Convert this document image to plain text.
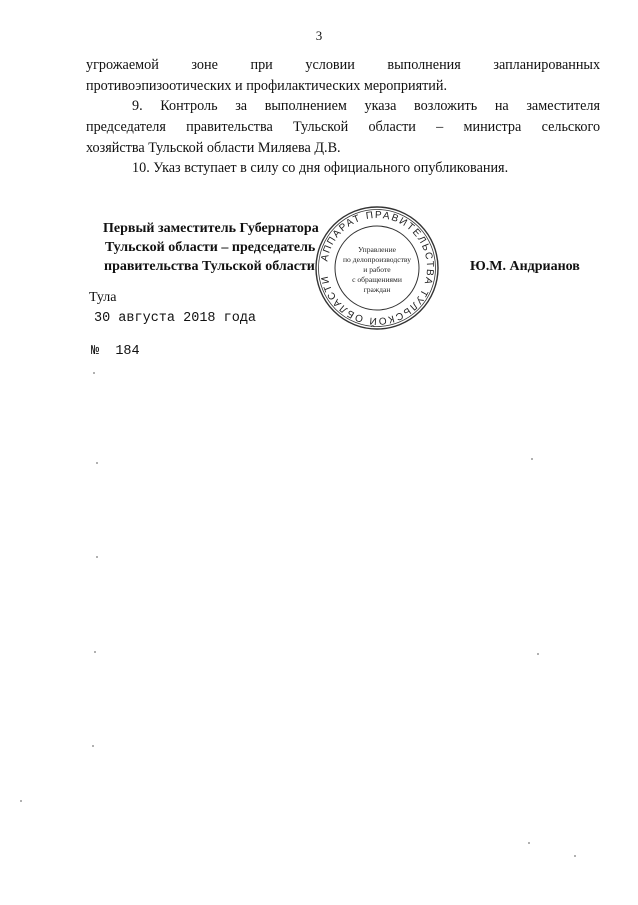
3
угрожаемой зоне при условии выполнения запланированных
противоэпизоотических и профилактических мероприятий.
9. Контроль за выполнением указа возложить на заместителя
председателя правительства Тульской области – министра сельского
хозяйства Тульской области Миляева Д.В.
10. Указ вступает в силу со дня официального опубликования.
Первый заместитель Губернатора
Тульской области – председатель
правительства Тульской области	Ю.М. Андрианов
АППАРАТ ПРАВИТЕЛЬСТВА ТУЛЬСКОЙ ОБЛАСТИ
Управление
по делопроизводству
и работе
с обращениями
граждан
Тула
30 августа 2018 года
№ 184
